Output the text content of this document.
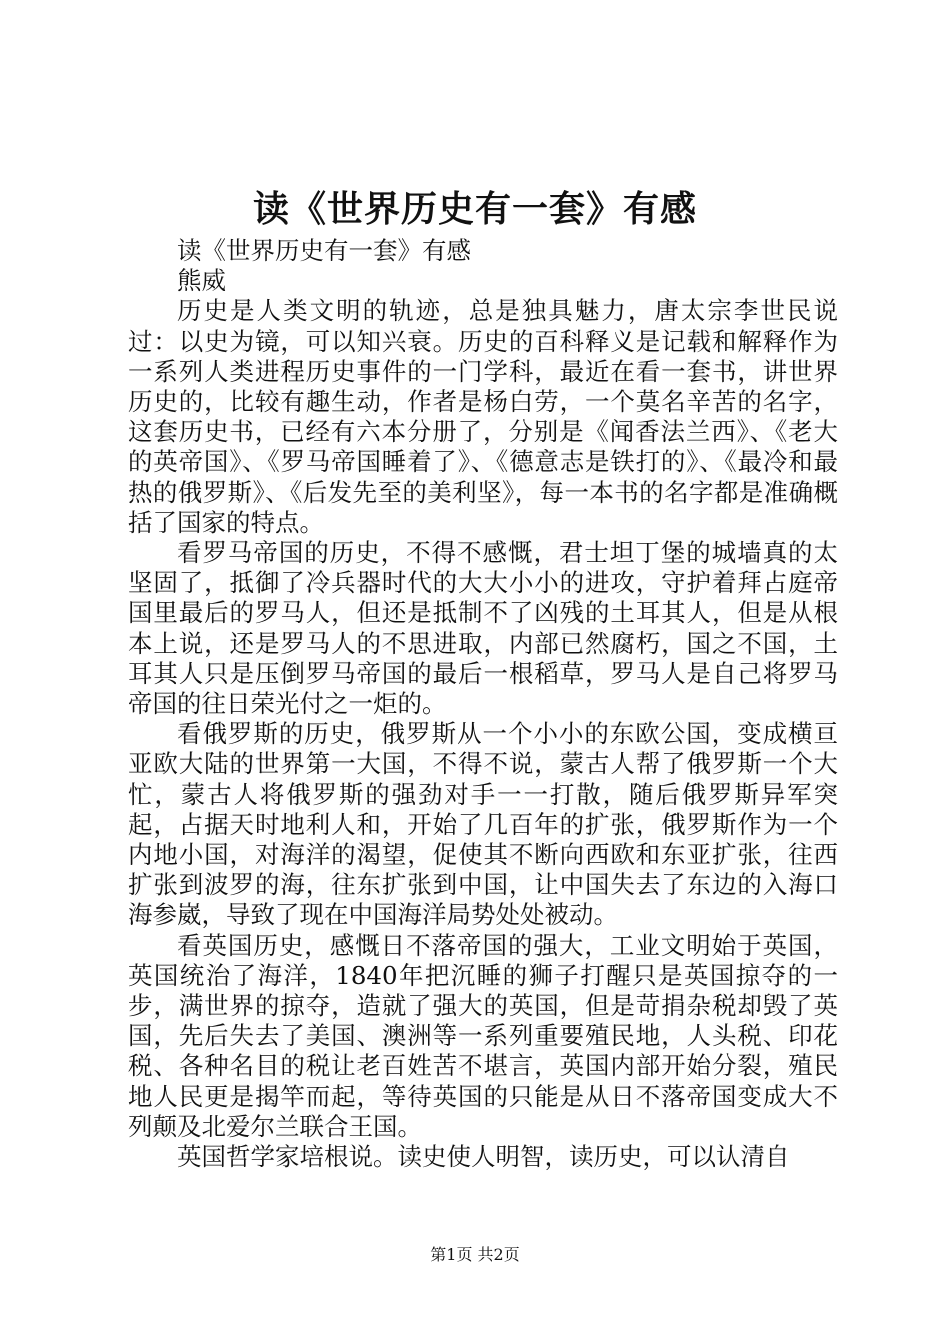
读《世界历史有一套》有感

读《世界历史有一套》有感

熊威

历史是人类文明的轨迹，总是独具魅力，唐太宗李世民说过：以史为镜，可以知兴衰。历史的百科释义是记载和解释作为一系列人类进程历史事件的一门学科，最近在看一套书，讲世界历史的，比较有趣生动，作者是杨白劳，一个莫名辛苦的名字，这套历史书，已经有六本分册了，分别是《闻香法兰西》、《老大的英帝国》、《罗马帝国睡着了》、《德意志是铁打的》、《最冷和最热的俄罗斯》、《后发先至的美利坚》，每一本书的名字都是准确概括了国家的特点。

看罗马帝国的历史，不得不感慨，君士坦丁堡的城墙真的太坚固了，抵御了冷兵器时代的大大小小的进攻，守护着拜占庭帝国里最后的罗马人，但还是抵制不了凶残的土耳其人，但是从根本上说，还是罗马人的不思进取，内部已然腐朽，国之不国，土耳其人只是压倒罗马帝国的最后一根稻草，罗马人是自己将罗马帝国的往日荣光付之一炬的。

看俄罗斯的历史，俄罗斯从一个小小的东欧公国，变成横亘亚欧大陆的世界第一大国，不得不说，蒙古人帮了俄罗斯一个大忙，蒙古人将俄罗斯的强劲对手一一打散，随后俄罗斯异军突起，占据天时地利人和，开始了几百年的扩张，俄罗斯作为一个内地小国，对海洋的渴望，促使其不断向西欧和东亚扩张，往西扩张到波罗的海，往东扩张到中国，让中国失去了东边的入海口海参崴，导致了现在中国海洋局势处处被动。

看英国历史，感慨日不落帝国的强大，工业文明始于英国，英国统治了海洋，1840年把沉睡的狮子打醒只是英国掠夺的一步，满世界的掠夺，造就了强大的英国，但是苛捐杂税却毁了英国，先后失去了美国、澳洲等一系列重要殖民地，人头税、印花税、各种名目的税让老百姓苦不堪言，英国内部开始分裂，殖民地人民更是揭竿而起，等待英国的只能是从日不落帝国变成大不列颠及北爱尔兰联合王国。

英国哲学家培根说。读史使人明智，读历史，可以认清自

第1页 共2页
